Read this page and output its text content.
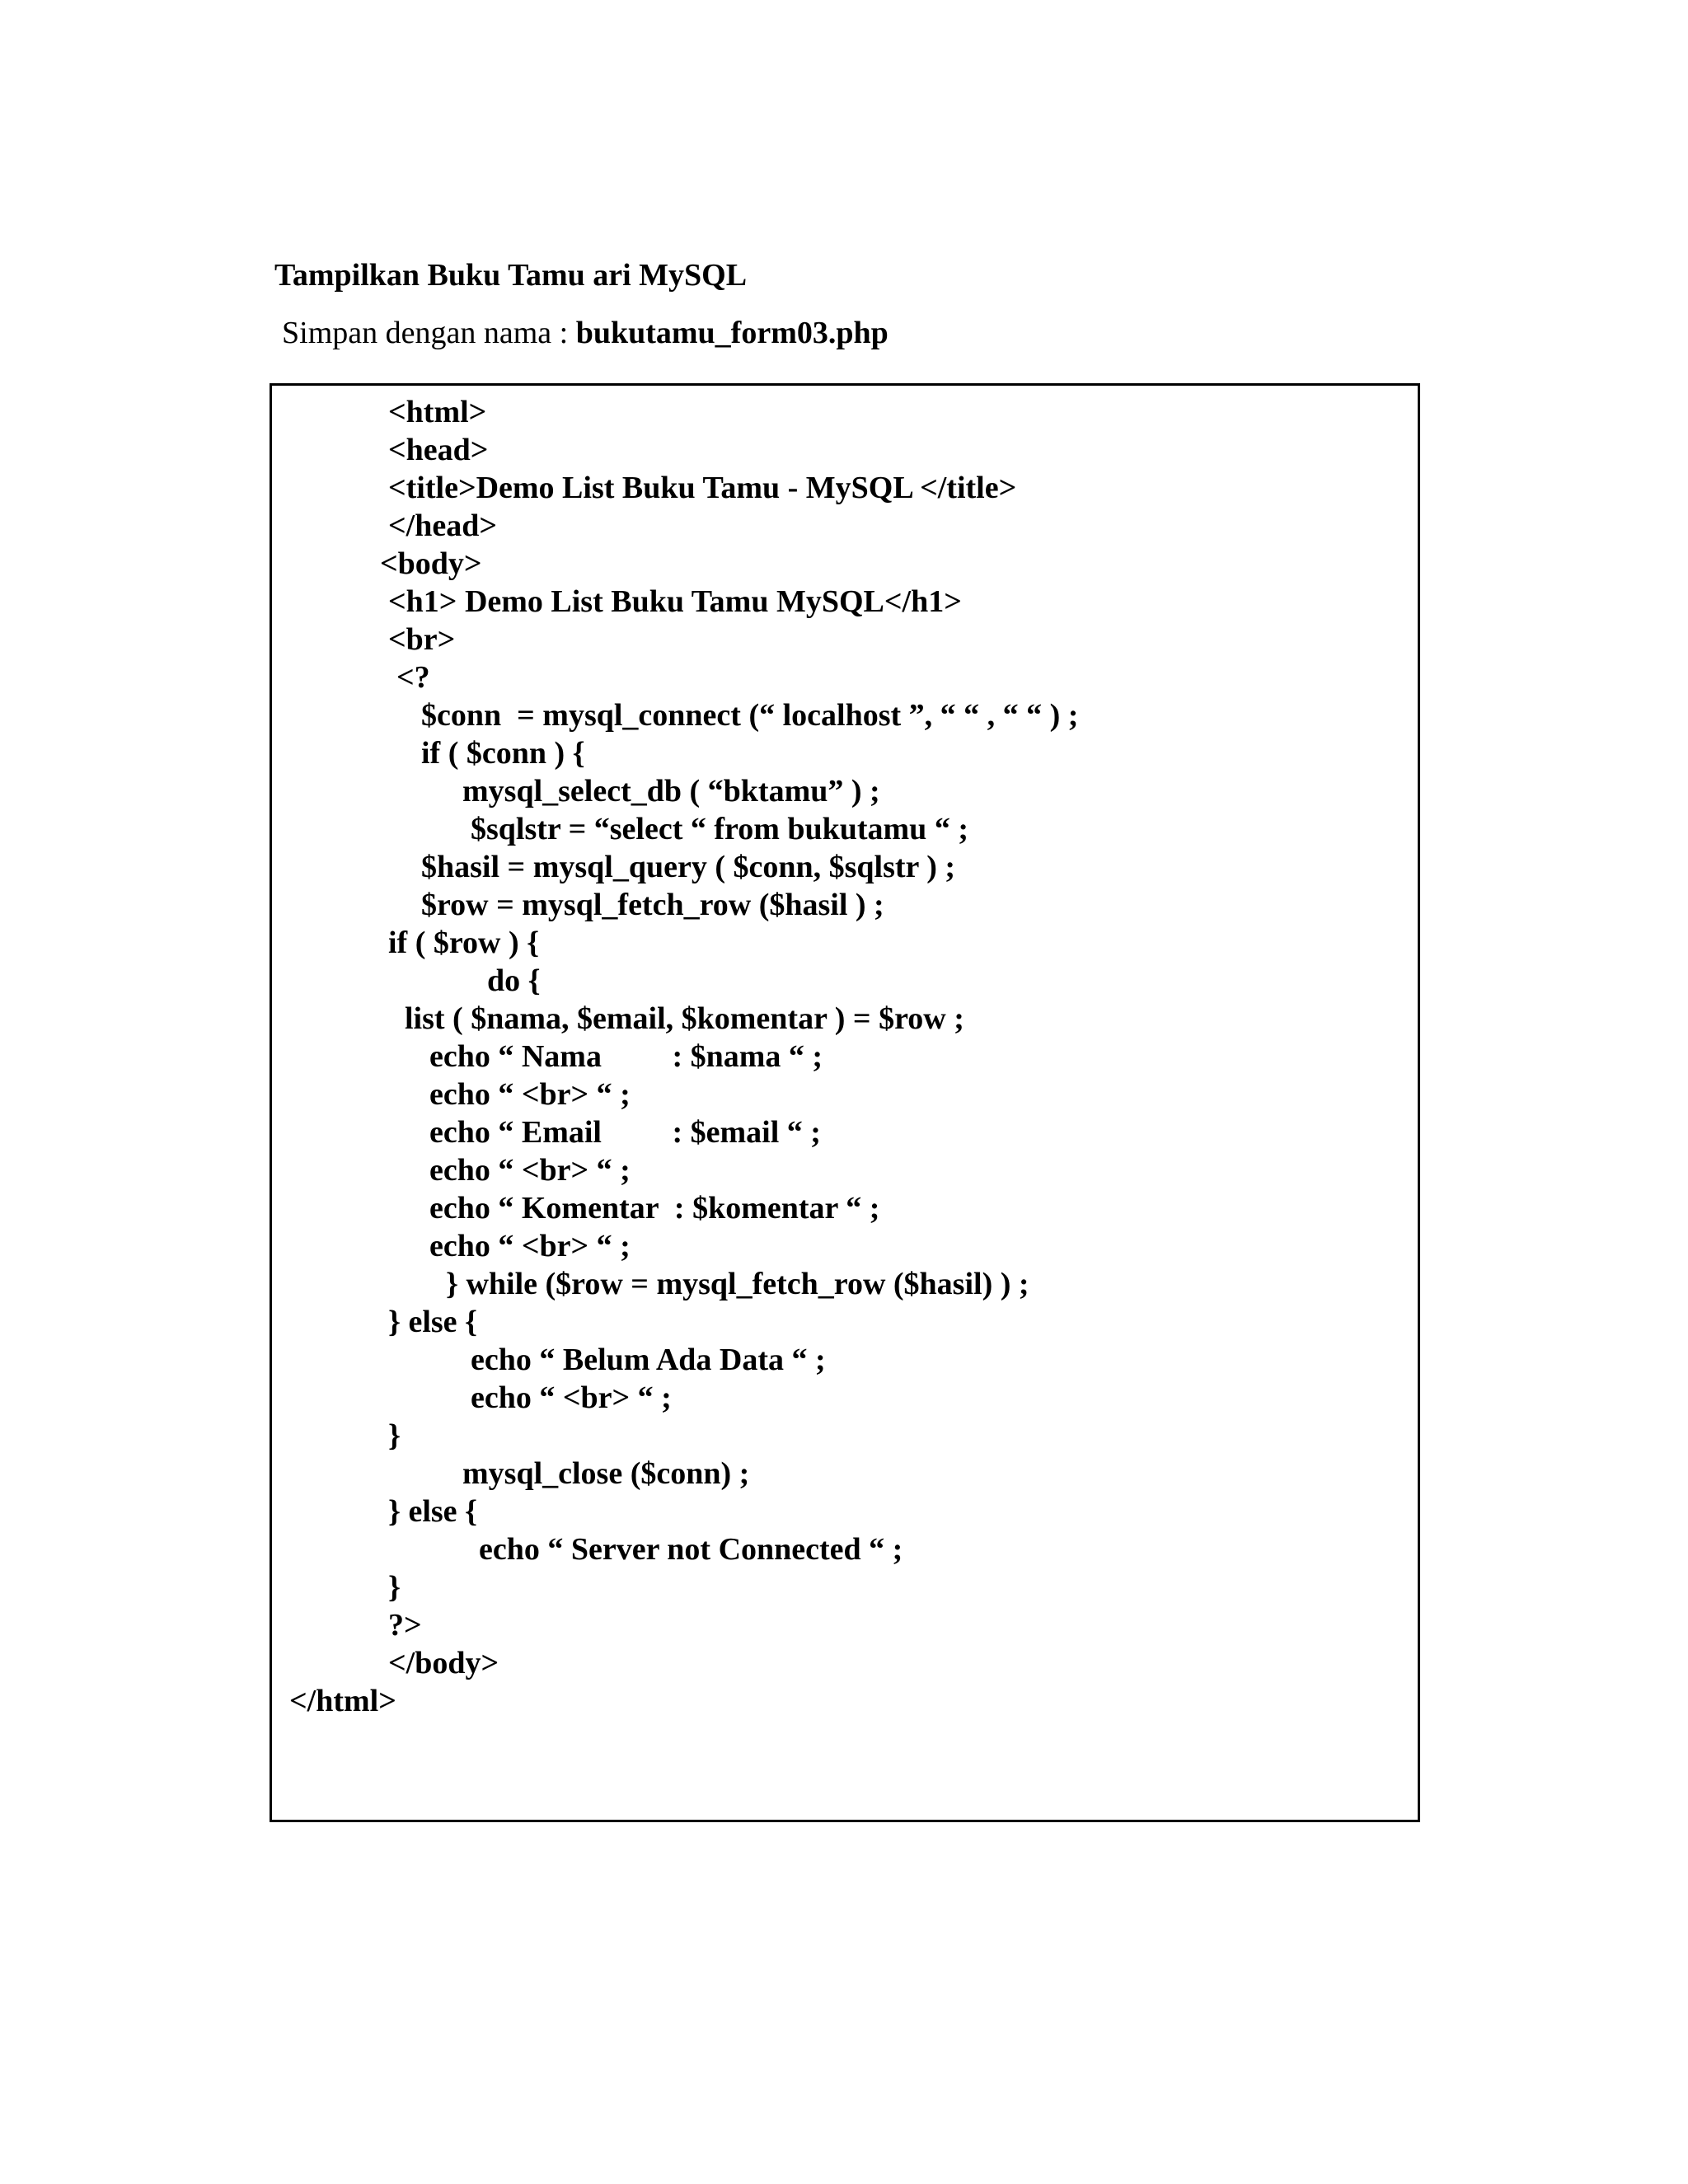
Tampilkan Buku Tamu ari MySQL
Simpan dengan nama : bukutamu_form03.php
<html>
<head>
<title>Demo List Buku Tamu - MySQL </title>
</head>
<body>
<h1> Demo List Buku Tamu MySQL</h1>
<br>
<?
$conn  = mysql_connect (“ localhost ”, “ “ , “ “ ) ;
if ( $conn ) {
mysql_select_db ( “bktamu” ) ;
$sqlstr = “select “ from bukutamu “ ;
$hasil = mysql_query ( $conn, $sqlstr ) ;
$row = mysql_fetch_row ($hasil ) ;
if ( $row ) {
do {
list ( $nama, $email, $komentar ) = $row ;
echo “ Nama         : $nama “ ;
echo “ <br> “ ;
echo “ Email         : $email “ ;
echo “ <br> “ ;
echo “ Komentar  : $komentar “ ;
echo “ <br> “ ;
} while ($row = mysql_fetch_row ($hasil) ) ;
} else {
echo “ Belum Ada Data “ ;
echo “ <br> “ ;
}
mysql_close ($conn) ;
} else {
echo “ Server not Connected “ ;
}
?>
</body>
</html>
